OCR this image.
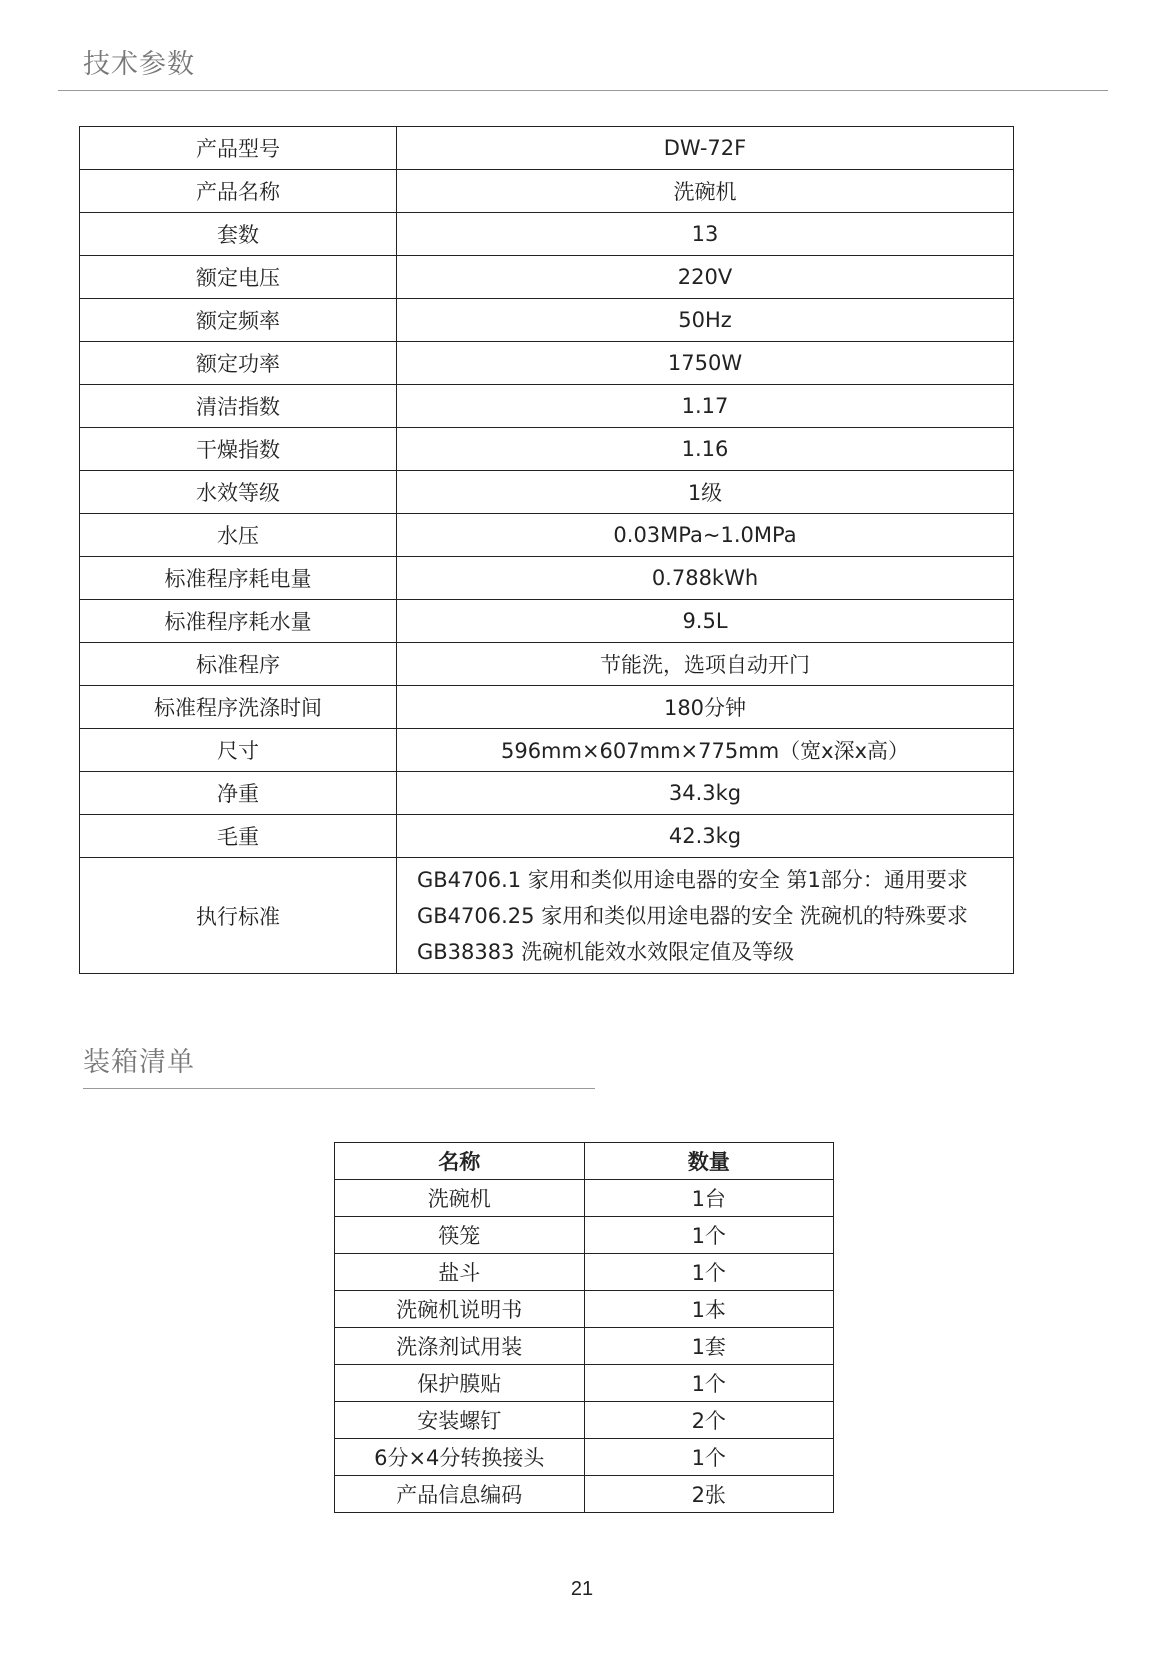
技术参数
产品型号	DW-72F
产品名称	洗碗机
套数	13
额定电压	220V
额定频率	50Hz
额定功率	1750W
清洁指数	1.17
干燥指数	1.16
水效等级	1级
水压	0.03MPa~1.0MPa
标准程序耗电量	0.788kWh
标准程序耗水量	9.5L
标准程序	节能洗，选项自动开门
标准程序洗涤时间	180分钟
尺寸	596mm×607mm×775mm（宽x深x高）
净重	34.3kg
毛重	42.3kg
执行标准	GB4706.1 家用和类似用途电器的安全 第1部分：通用要求
GB4706.25 家用和类似用途电器的安全 洗碗机的特殊要求
GB38383 洗碗机能效水效限定值及等级
装箱清单
名称	数量
洗碗机	1台
筷笼	1个
盐斗	1个
洗碗机说明书	1本
洗涤剂试用装	1套
保护膜贴	1个
安装螺钉	2个
6分×4分转换接头	1个
产品信息编码	2张
21
